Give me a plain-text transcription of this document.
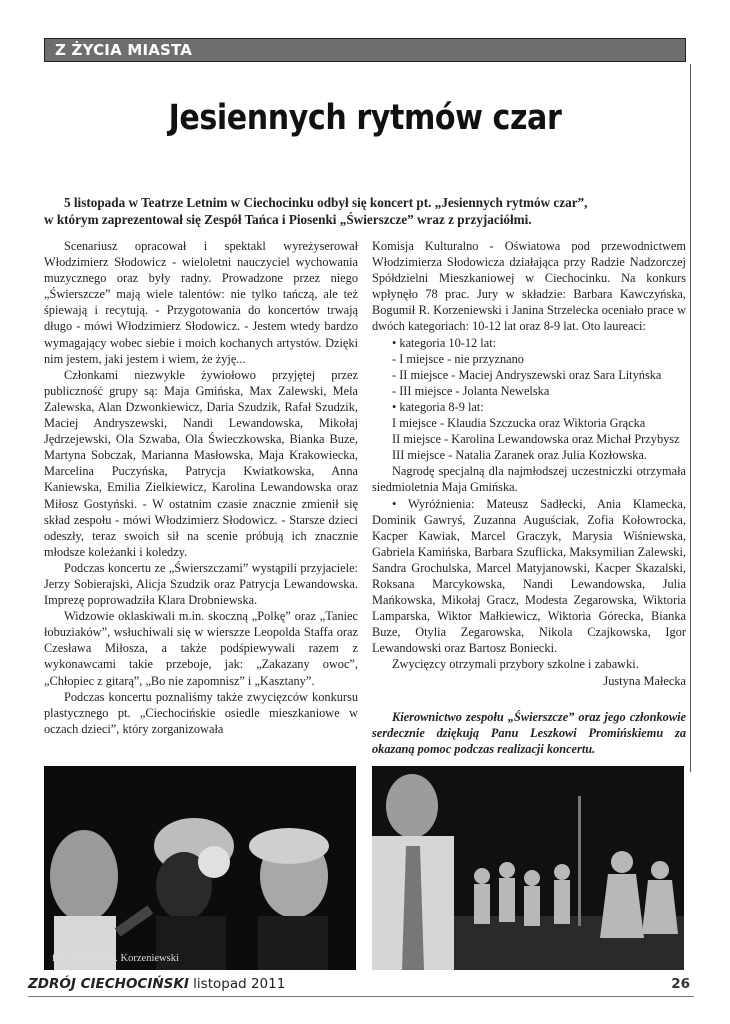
Z ŻYCIA MIASTA
Jesiennych rytmów czar

5 listopada w Teatrze Letnim w Ciechocinku odbył się koncert pt. „Jesiennych rytmów czar”,

w którym zaprezentował się Zespół Tańca i Piosenki „Świerszcze” wraz z przyjaciółmi.

Scenariusz opracował i spektakl wyreżyserował Włodzimierz Słodowicz - wieloletni nauczyciel wychowania muzycznego oraz były radny. Prowadzone przez niego „Świerszcze” mają wiele talentów: nie tylko tańczą, ale też śpiewają i recytują. - Przygotowania do koncertów trwają długo - mówi Włodzimierz Słodowicz. - Jestem wtedy bardzo wymagający wobec siebie i moich kochanych artystów. Dzięki nim jestem, jaki jestem i wiem, że żyję...

Członkami niezwykle żywiołowo przyjętej przez publiczność grupy są: Maja Gmińska, Max Zalewski, Mela Zalewska, Alan Dzwonkiewicz, Daria Szudzik, Rafał Szudzik, Maciej Andryszewski, Nandi Lewandowska, Mikołaj Jędrzejewski, Ola Szwaba, Ola Świeczkowska, Bianka Buze, Martyna Sobczak, Marianna Masłowska, Maja Krakowiecka, Marcelina Puczyńska, Patrycja Kwiatkowska, Anna Kaniewska, Emilia Zielkiewicz, Karolina Lewandowska oraz Miłosz Gostyński. - W ostatnim czasie znacznie zmienił się skład zespołu - mówi Włodzimierz Słodowicz. - Starsze dzieci odeszły, teraz swoich sił na scenie próbują ich znacznie młodsze koleżanki i koledzy.

Podczas koncertu ze „Świerszczami” wystąpili przyjaciele: Jerzy Sobierajski, Alicja Szudzik oraz Patrycja Lewandowska. Imprezę poprowadziła Klara Drobniewska.

Widzowie oklaskiwali m.in. skoczną „Polkę” oraz „Taniec łobuziaków”, wsłuchiwali się w wierszze Leopolda Staffa oraz Czesława Miłosza, a także podśpiewywali razem z wykonawcami takie przeboje, jak: „Zakazany owoc”, „Chłopiec z gitarą”, „Bo nie zapomnisz” i „Kasztany”.

Podczas koncertu poznaliśmy także zwycięzców konkursu plastycznego pt. „Ciechocińskie osiedle mieszkaniowe w oczach dzieci”, który zorganizowała

Komisja Kulturalno - Oświatowa pod przewodnictwem Włodzimierza Słodowicza działająca przy Radzie Nadzorczej Spółdzielni Mieszkaniowej w Ciechocinku. Na konkurs wpłynęło 78 prac. Jury w składzie: Barbara Kawczyńska, Bogumił R. Korzeniewski i Janina Strzelecka oceniało prace w dwóch kategoriach: 10-12 lat oraz 8-9 lat. Oto laureaci:

• kategoria 10-12 lat:

- I miejsce - nie przyznano

- II miejsce - Maciej Andryszewski oraz Sara Lityńska

- III miejsce - Jolanta Newelska

• kategoria 8-9 lat:

I miejsce - Klaudia Szczucka oraz Wiktoria Grącka

II miejsce - Karolina Lewandowska oraz Michał Przybysz

III miejsce - Natalia Zaranek oraz Julia Kozłowska.

Nagrodę specjalną dla najmłodszej uczestniczki otrzymała siedmioletnia Maja Gmińska.

• Wyróżnienia: Mateusz Sadłecki, Ania Klamecka, Dominik Gawryś, Zuzanna Auguściak, Zofia Kołowrocka, Kacper Kawiak, Marcel Graczyk, Marysia Wiśniewska, Gabriela Kamińska, Barbara Szuflicka, Maksymilian Zalewski, Sandra Grochulska, Marcel Matyjanowski, Kacper Skazalski, Roksana Marcykowska, Nandi Lewandowska, Julia Mańkowska, Mikołaj Gracz, Modesta Zegarowska, Wiktoria Lamparska, Wiktor Małkiewicz, Wiktoria Górecka, Bianka Buze, Otylia Zegarowska, Nikola Czajkowska, Igor Lewandowski oraz Bartosz Boniecki.

Zwycięzcy otrzymali przybory szkolne i zabawki.

Justyna Małecka

Kierownictwo zespołu „Świerszcze” oraz jego członkowie serdecznie dziękują Panu Leszkowi Promińskiemu za okazaną pomoc podczas realizacji koncertu.

fot. Bogumił R. Korzeniewski
ZDRÓJ CIECHOCIŃSKI listopad 2011	26
